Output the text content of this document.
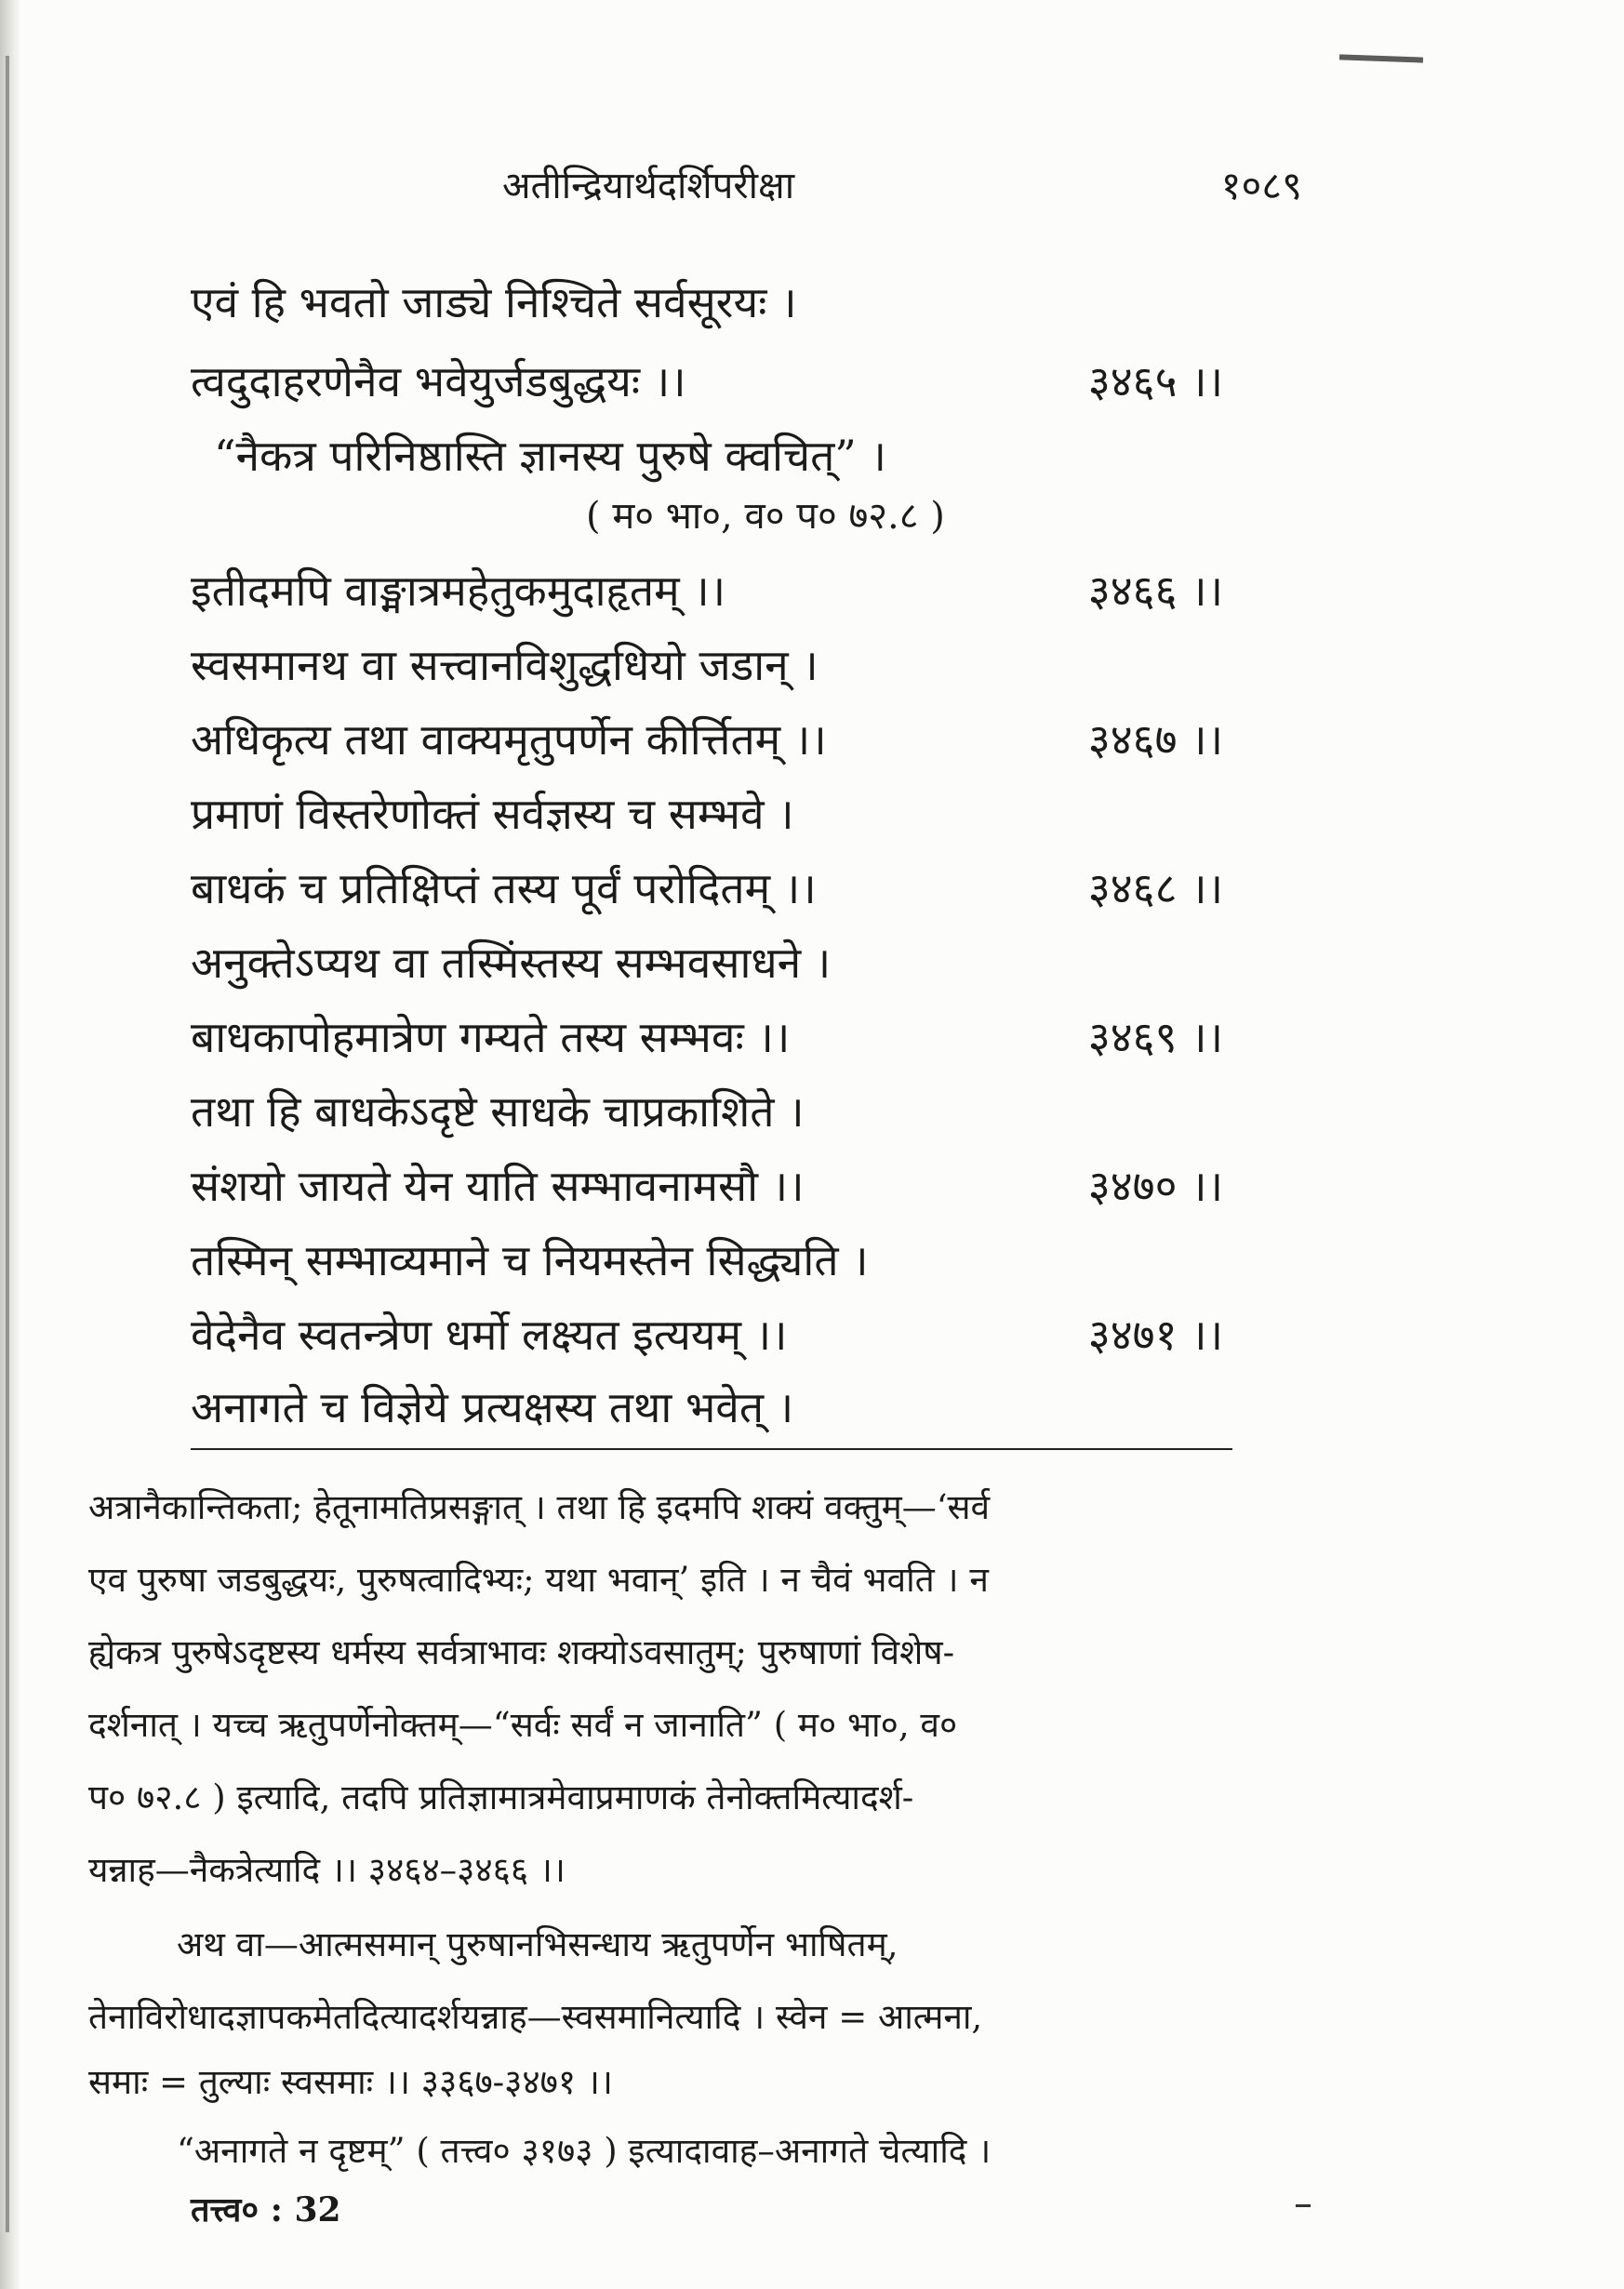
अतीन्द्रियार्थदर्शिपरीक्षा	१०८९
एवं हि भवतो जाड्ये निश्चिते सर्वसूरयः ।
त्वदुदाहरणेनैव भवेयुर्जडबुद्धयः ।।	३४६५ ।।
“नैकत्र परिनिष्ठास्ति ज्ञानस्य पुरुषे क्वचित्” ।
( म० भा०, व० प० ७२.८ )
इतीदमपि वाङ्मात्रमहेतुकमुदाहृतम् ।।	३४६६ ।।
स्वसमानथ वा सत्त्वानविशुद्धधियो जडान् ।
अधिकृत्य तथा वाक्यमृतुपर्णेन कीर्त्तितम् ।।	३४६७ ।।
प्रमाणं विस्तरेणोक्तं सर्वज्ञस्य च सम्भवे ।
बाधकं च प्रतिक्षिप्तं तस्य पूर्वं परोदितम् ।।	३४६८ ।।
अनुक्तेऽप्यथ वा तस्मिंस्तस्य सम्भवसाधने ।
बाधकापोहमात्रेण गम्यते तस्य सम्भवः ।।	३४६९ ।।
तथा हि बाधकेऽदृष्टे साधके चाप्रकाशिते ।
संशयो जायते येन याति सम्भावनामसौ ।।	३४७० ।।
तस्मिन् सम्भाव्यमाने च नियमस्तेन सिद्ध्यति ।
वेदेनैव स्वतन्त्रेण धर्मो लक्ष्यत इत्ययम् ।।	३४७१ ।।
अनागते च विज्ञेये प्रत्यक्षस्य तथा भवेत् ।
अत्रानैकान्तिकता; हेतूनामतिप्रसङ्गात् । तथा हि इदमपि शक्यं वक्तुम्—‘सर्व
एव पुरुषा जडबुद्धयः, पुरुषत्वादिभ्यः; यथा भवान्’ इति । न चैवं भवति । न
ह्येकत्र पुरुषेऽदृष्टस्य धर्मस्य सर्वत्राभावः शक्योऽवसातुम्; पुरुषाणां विशेष-
दर्शनात् । यच्च ऋतुपर्णेनोक्तम्—“सर्वः सर्वं न जानाति” ( म० भा०, व०
प० ७२.८ ) इत्यादि, तदपि प्रतिज्ञामात्रमेवाप्रमाणकं तेनोक्तमित्यादर्श-
यन्नाह—नैकत्रेत्यादि ।। ३४६४–३४६६ ।।
अथ वा—आत्मसमान् पुरुषानभिसन्धाय ऋतुपर्णेन भाषितम्,
तेनाविरोधादज्ञापकमेतदित्यादर्शयन्नाह—स्वसमानित्यादि । स्वेन = आत्मना,
समाः = तुल्याः स्वसमाः ।। ३३६७-३४७१ ।।
“अनागते न दृष्टम्” ( तत्त्व० ३१७३ ) इत्यादावाह–अनागते चेत्यादि ।
तत्त्व० : 32
